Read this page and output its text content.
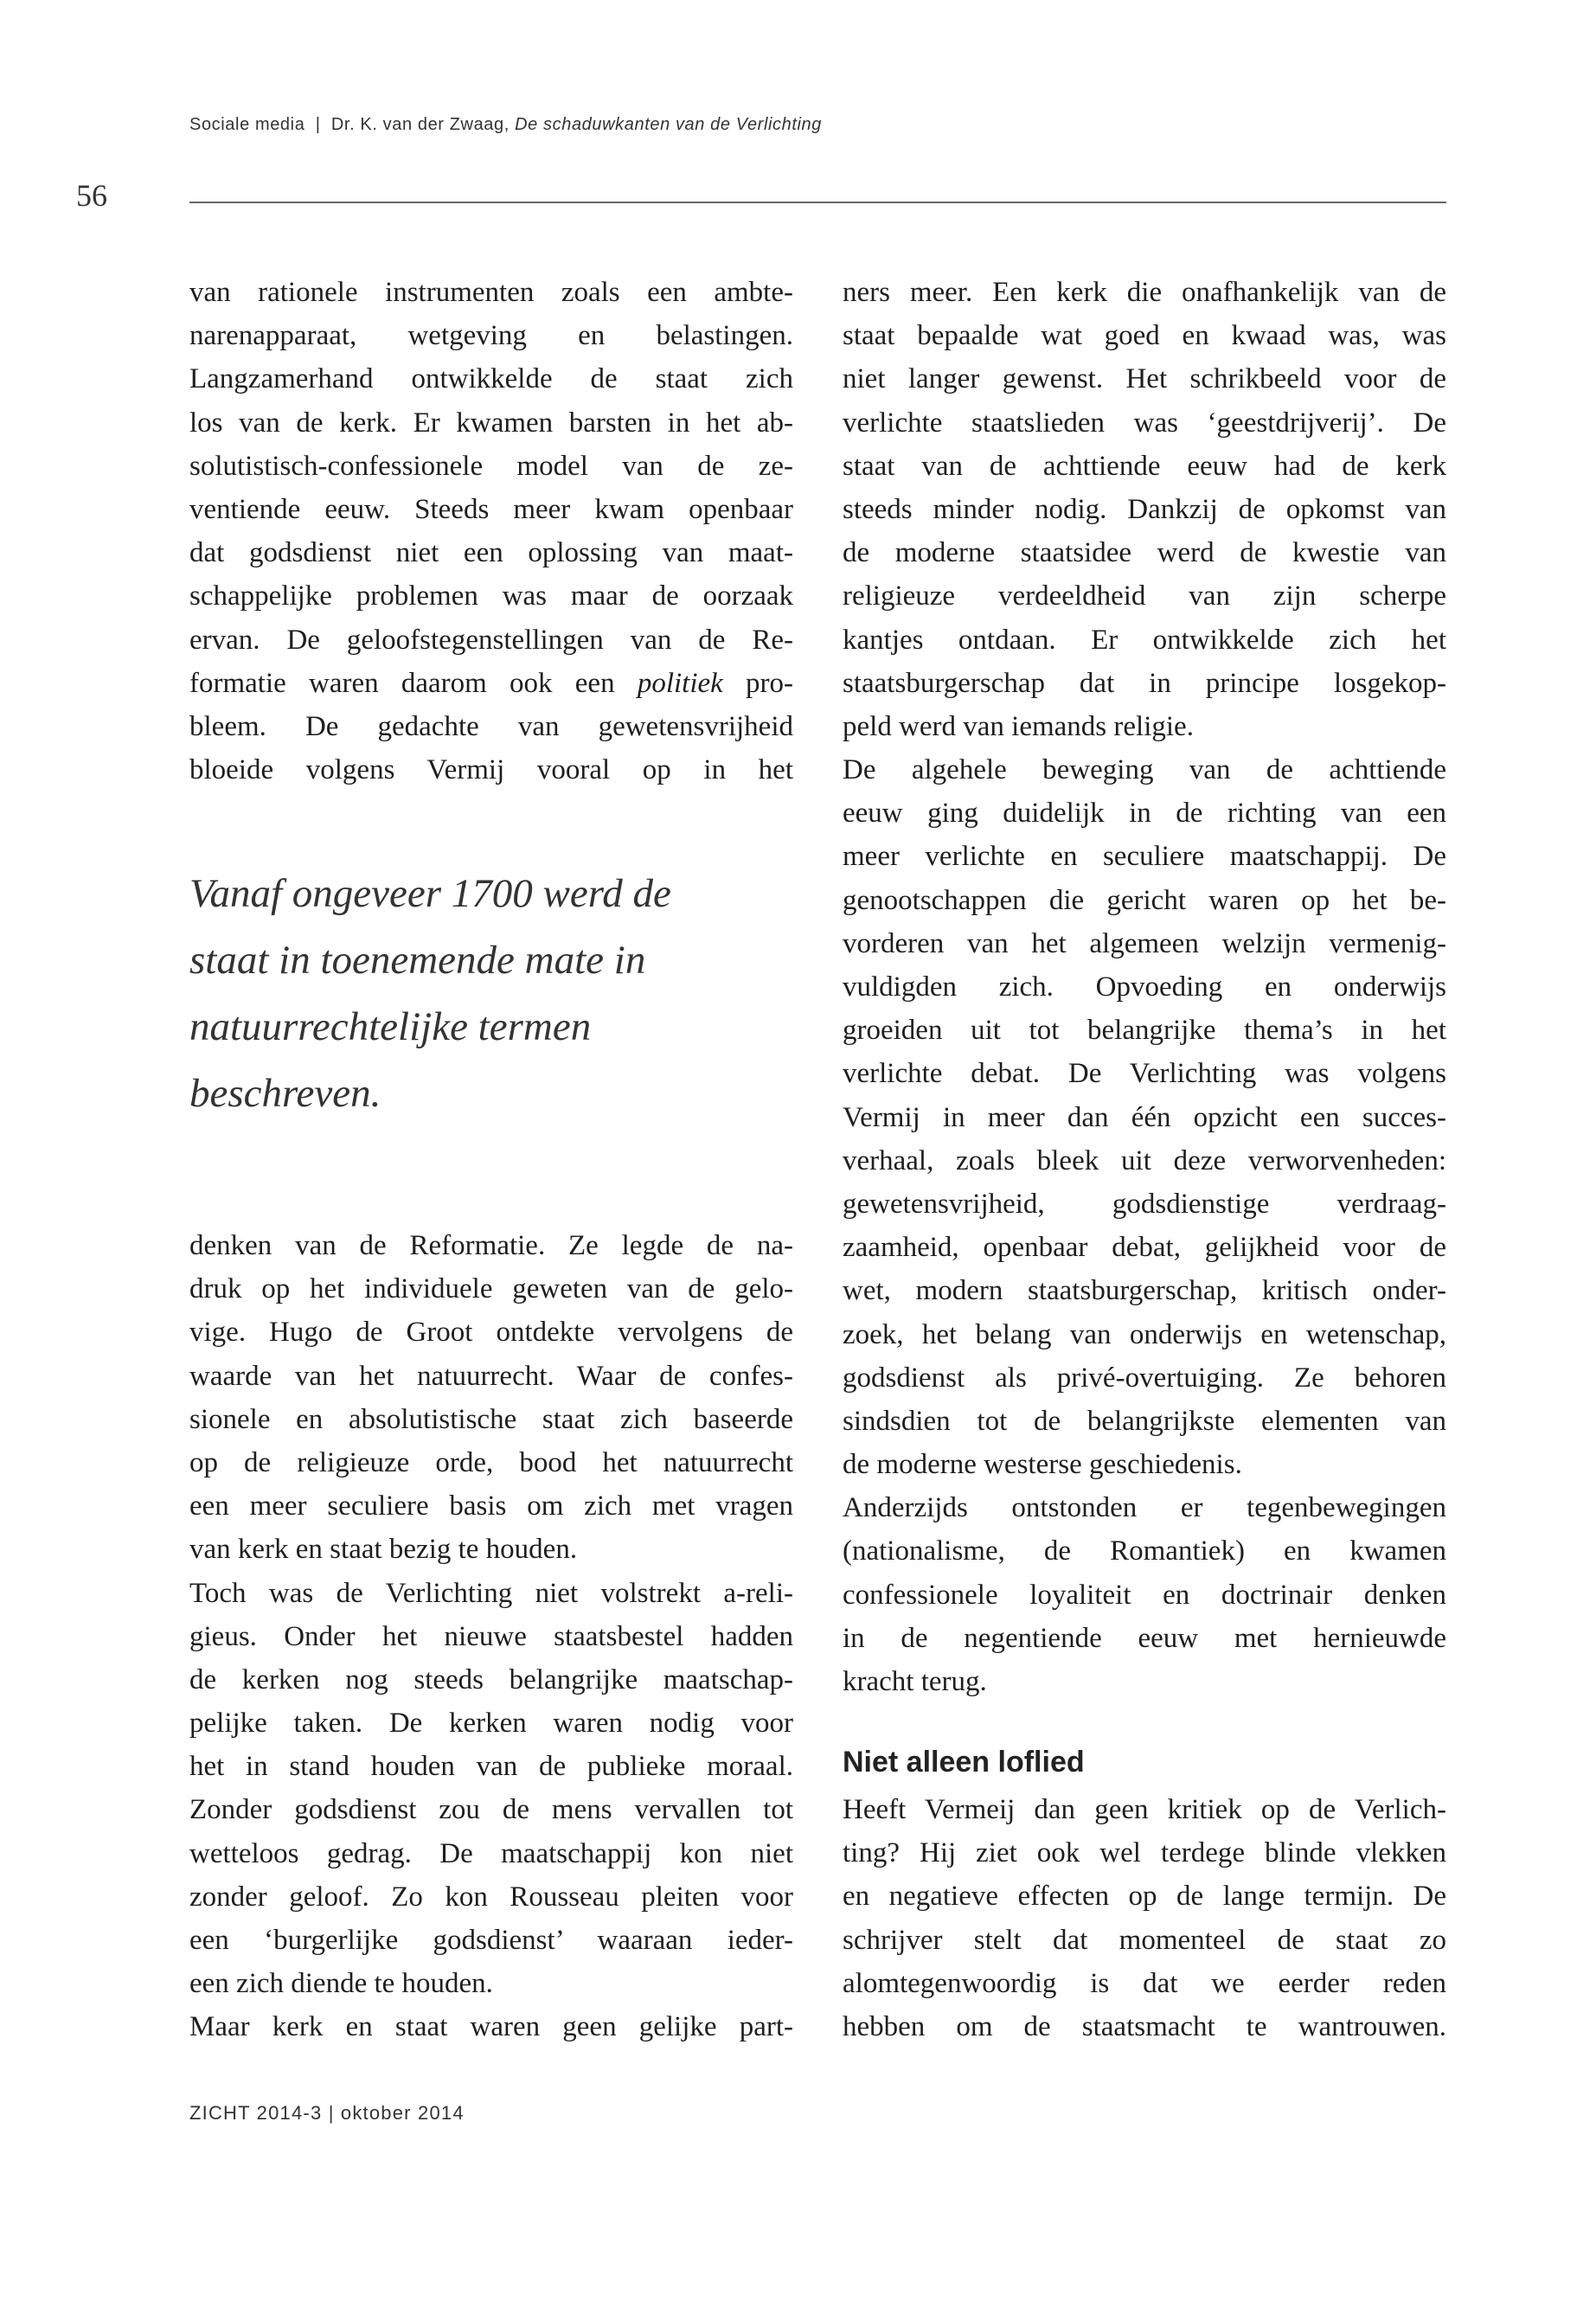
Sociale media | Dr. K. van der Zwaag, De schaduwkanten van de Verlichting
56
van rationele instrumenten zoals een ambte-
narenapparaat, wetgeving en belastingen.
Langzamerhand ontwikkelde de staat zich
los van de kerk. Er kwamen barsten in het ab-
solutistisch-confessionele model van de ze-
ventiende eeuw. Steeds meer kwam openbaar
dat godsdienst niet een oplossing van maat-
schappelijke problemen was maar de oorzaak
ervan. De geloofstegenstellingen van de Re-
formatie waren daarom ook een politiek pro-
bleem. De gedachte van gewetensvrijheid
bloeide volgens Vermij vooral op in het
Vanaf ongeveer 1700 werd de
staat in toenemende mate in
natuurrechtelijke termen
beschreven.
denken van de Reformatie. Ze legde de na-
druk op het individuele geweten van de gelo-
vige. Hugo de Groot ontdekte vervolgens de
waarde van het natuurrecht. Waar de confes-
sionele en absolutistische staat zich baseerde
op de religieuze orde, bood het natuurrecht
een meer seculiere basis om zich met vragen
van kerk en staat bezig te houden.
Toch was de Verlichting niet volstrekt a-reli-
gieus. Onder het nieuwe staatsbestel hadden
de kerken nog steeds belangrijke maatschap-
pelijke taken. De kerken waren nodig voor
het in stand houden van de publieke moraal.
Zonder godsdienst zou de mens vervallen tot
wetteloos gedrag. De maatschappij kon niet
zonder geloof. Zo kon Rousseau pleiten voor
een ‘burgerlijke godsdienst’ waaraan ieder-
een zich diende te houden.
Maar kerk en staat waren geen gelijke part-
ners meer. Een kerk die onafhankelijk van de
staat bepaalde wat goed en kwaad was, was
niet langer gewenst. Het schrikbeeld voor de
verlichte staatslieden was ‘geestdrijverij’. De
staat van de achttiende eeuw had de kerk
steeds minder nodig. Dankzij de opkomst van
de moderne staatsidee werd de kwestie van
religieuze verdeeldheid van zijn scherpe
kantjes ontdaan. Er ontwikkelde zich het
staatsburgerschap dat in principe losgekop-
peld werd van iemands religie.
De algehele beweging van de achttiende
eeuw ging duidelijk in de richting van een
meer verlichte en seculiere maatschappij. De
genootschappen die gericht waren op het be-
vorderen van het algemeen welzijn vermenig-
vuldigden zich. Opvoeding en onderwijs
groeiden uit tot belangrijke thema’s in het
verlichte debat. De Verlichting was volgens
Vermij in meer dan één opzicht een succes-
verhaal, zoals bleek uit deze verworvenheden:
gewetensvrijheid, godsdienstige verdraag-
zaamheid, openbaar debat, gelijkheid voor de
wet, modern staatsburgerschap, kritisch onder-
zoek, het belang van onderwijs en wetenschap,
godsdienst als privé-overtuiging. Ze behoren
sindsdien tot de belangrijkste elementen van
de moderne westerse geschiedenis.
Anderzijds ontstonden er tegenbewegingen
(nationalisme, de Romantiek) en kwamen
confessionele loyaliteit en doctrinair denken
in de negentiende eeuw met hernieuwde
kracht terug.
Niet alleen loflied
Heeft Vermeij dan geen kritiek op de Verlich-
ting? Hij ziet ook wel terdege blinde vlekken
en negatieve effecten op de lange termijn. De
schrijver stelt dat momenteel de staat zo
alomtegenwoordig is dat we eerder reden
hebben om de staatsmacht te wantrouwen.
ZICHT 2014-3 | oktober 2014
